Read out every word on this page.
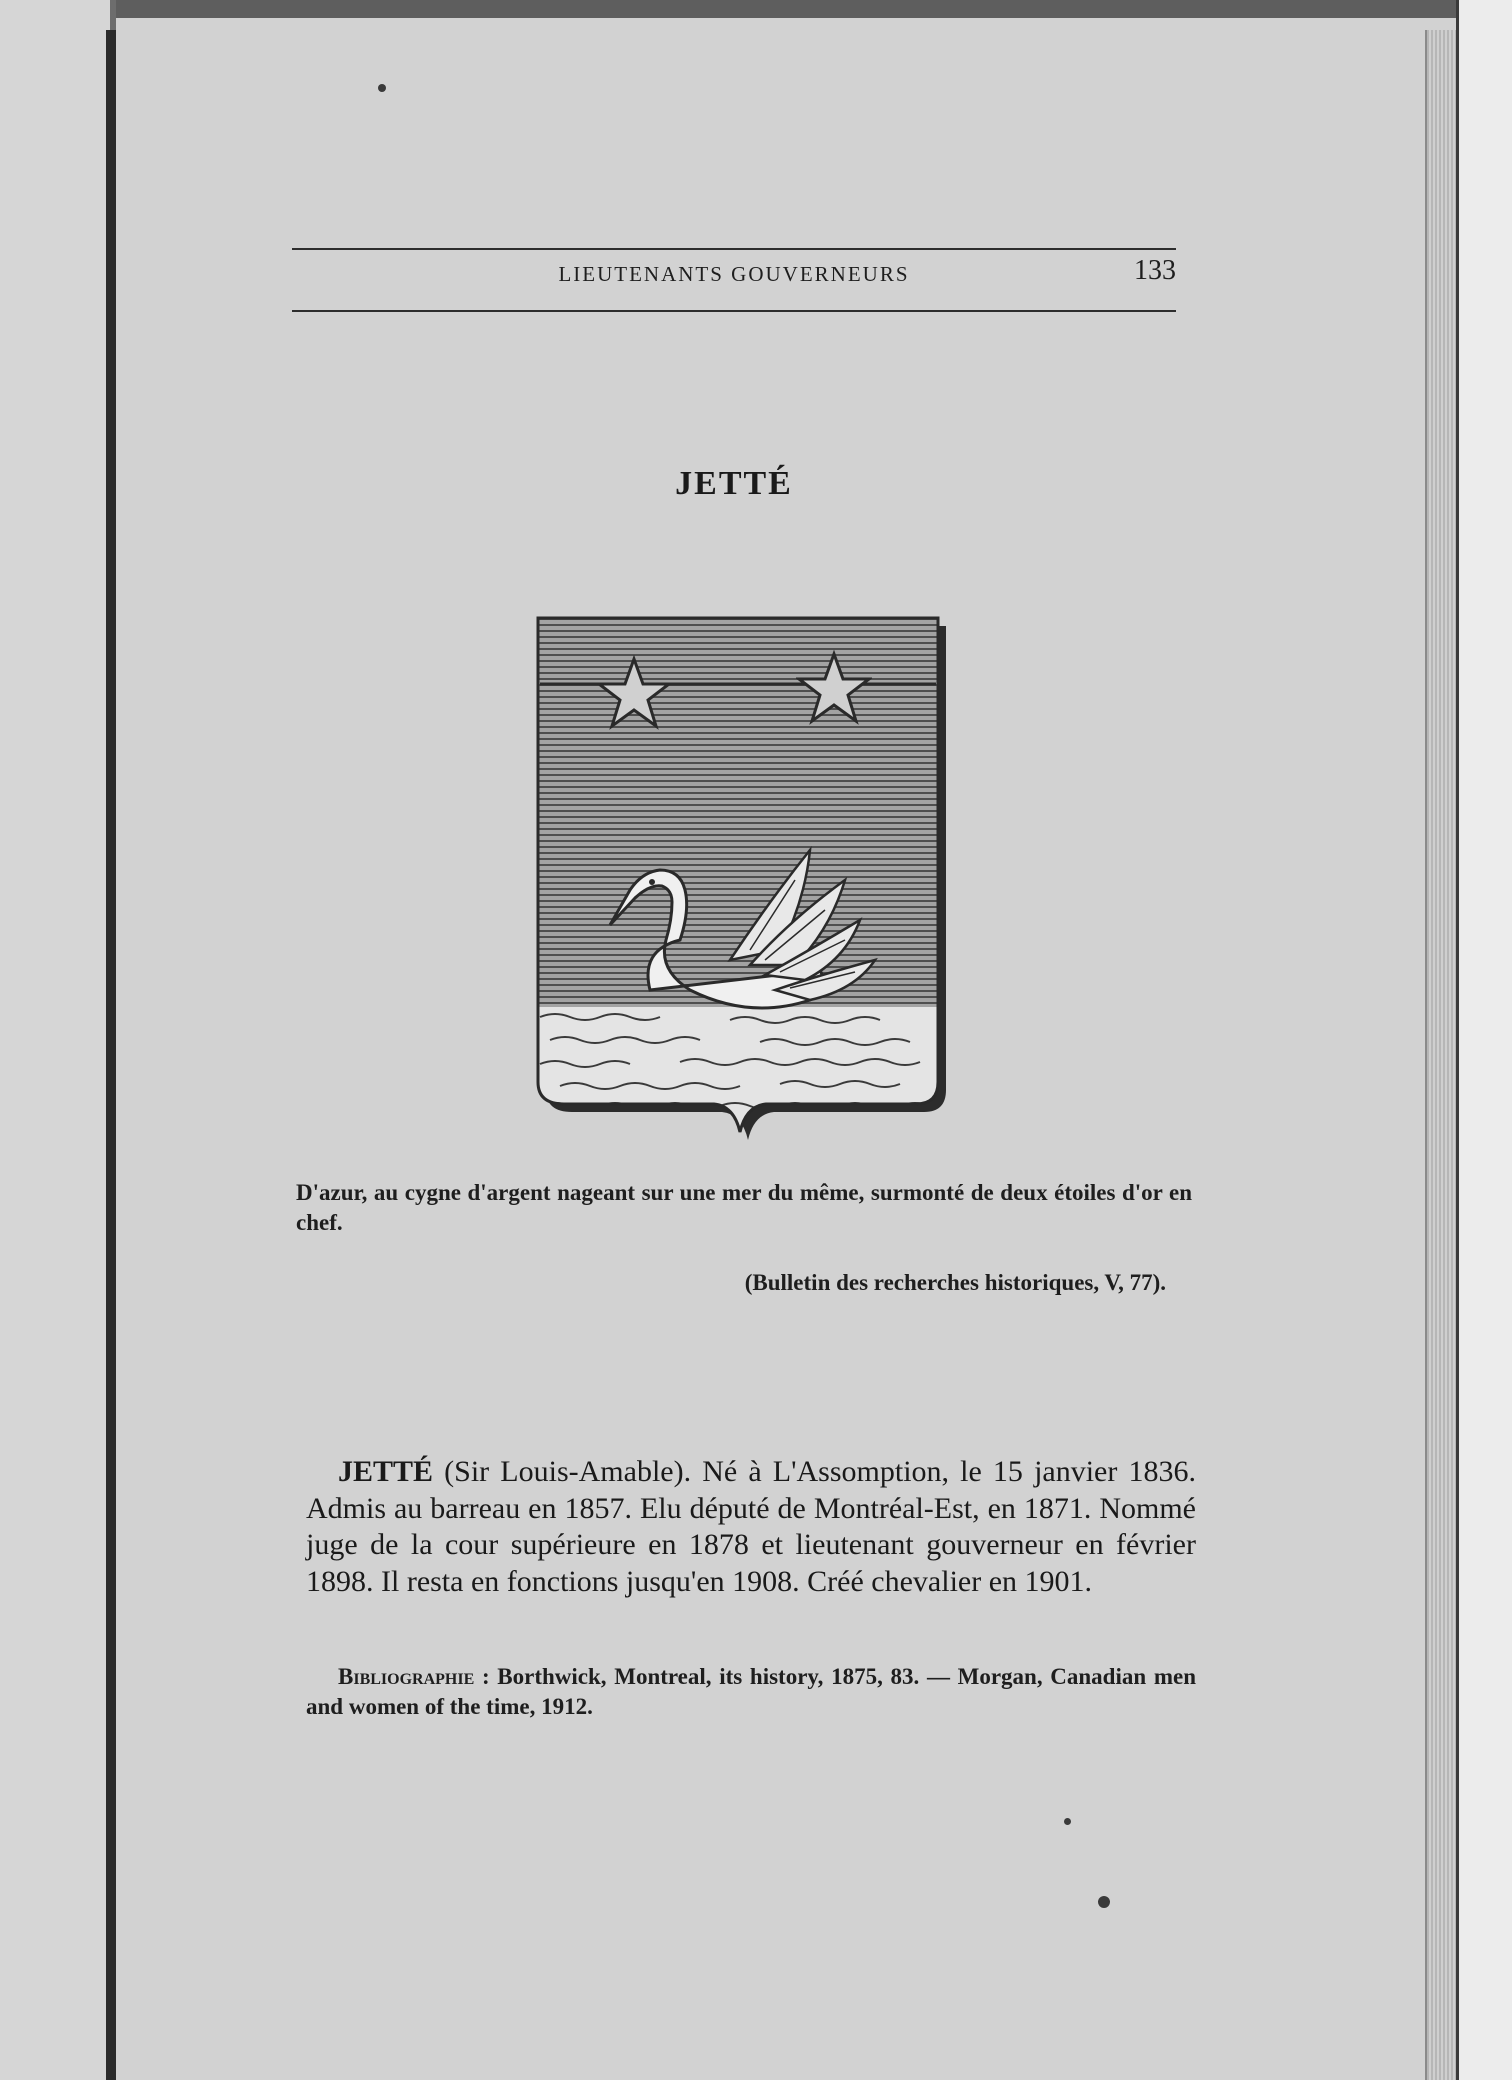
LIEUTENANTS GOUVERNEURS	133
JETTÉ
D'azur, au cygne d'argent nageant sur une mer du même, surmonté de deux étoiles d'or en chef.
(Bulletin des recherches historiques, V, 77).
JETTÉ (Sir Louis-Amable). Né à L'Assomption, le 15 janvier 1836. Admis au barreau en 1857. Elu député de Montréal-Est, en 1871. Nommé juge de la cour supérieure en 1878 et lieutenant gouverneur en février 1898. Il resta en fonctions jusqu'en 1908. Créé chevalier en 1901.
Bibliographie : Borthwick, Montreal, its history, 1875, 83. — Morgan, Canadian men and women of the time, 1912.
